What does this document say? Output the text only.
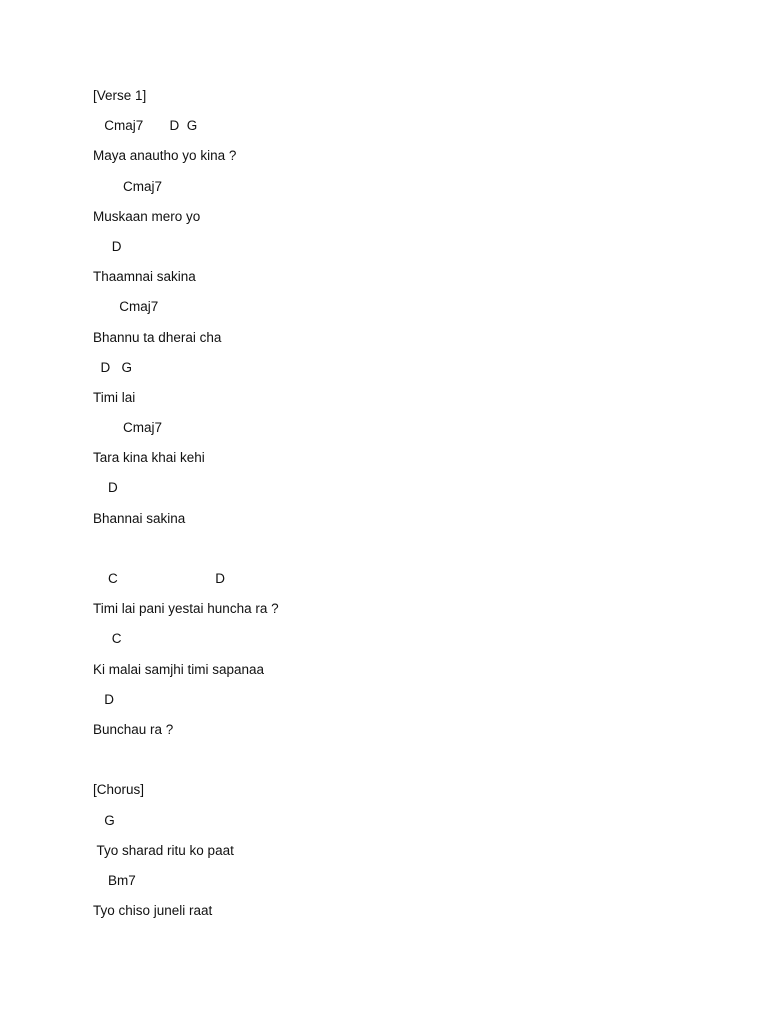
[Verse 1]
Cmaj7       D  G
Maya anautho yo kina ?
Cmaj7
Muskaan mero yo
D
Thaamnai sakina
Cmaj7
Bhannu ta dherai cha
D   G
Timi lai
Cmaj7
Tara kina khai kehi
D
Bhannai sakina
C                          D
Timi lai pani yestai huncha ra ?
C
Ki malai samjhi timi sapanaa
D
Bunchau ra ?
[Chorus]
G
Tyo sharad ritu ko paat
Bm7
Tyo chiso juneli raat
